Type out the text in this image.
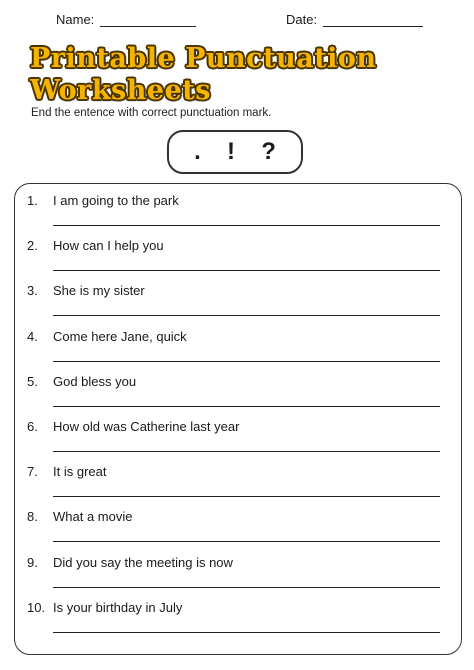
Name:	Date:
Printable Punctuation
Worksheets
End the entence with correct punctuation mark.
. ! ?
1.	I am going to the park
2.	How can I help you
3.	She is my sister
4.	Come here Jane, quick
5.	God bless you
6.	How old was Catherine last year
7.	It is great
8.	What a movie
9.	Did you say the meeting is now
10. Is your birthday in July
